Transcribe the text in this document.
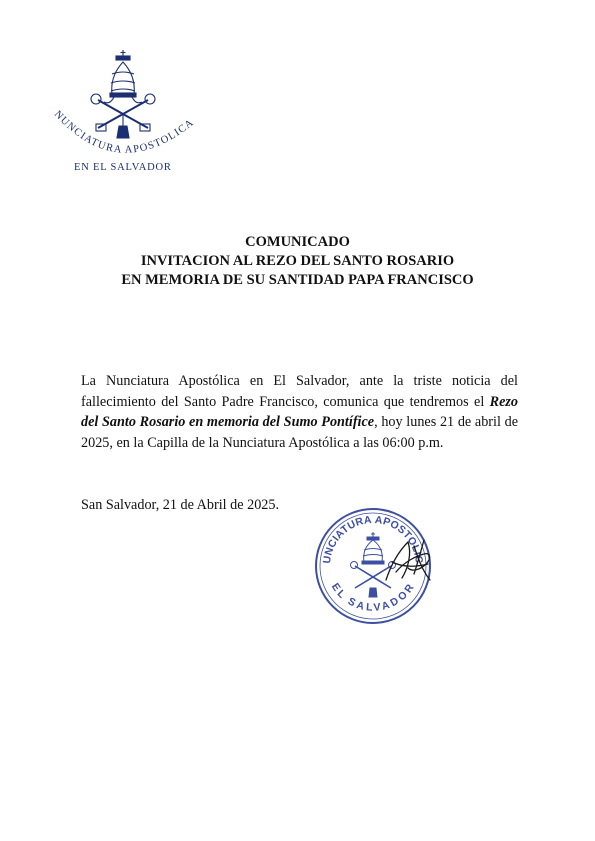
NUNCIATURA APOSTOLICA
EN EL SALVADOR
COMUNICADO
INVITACION AL REZO DEL SANTO ROSARIO
EN MEMORIA DE SU SANTIDAD PAPA FRANCISCO
La Nunciatura Apostólica en El Salvador, ante la triste noticia del fallecimiento del Santo Padre Francisco, comunica que tendremos el Rezo del Santo Rosario en memoria del Sumo Pontífice, hoy lunes 21 de abril de 2025, en la Capilla de la Nunciatura Apostólica a las 06:00 p.m.
San Salvador, 21 de Abril de 2025.
UNCIATURA APOSTOLIC
EL SALVADOR
